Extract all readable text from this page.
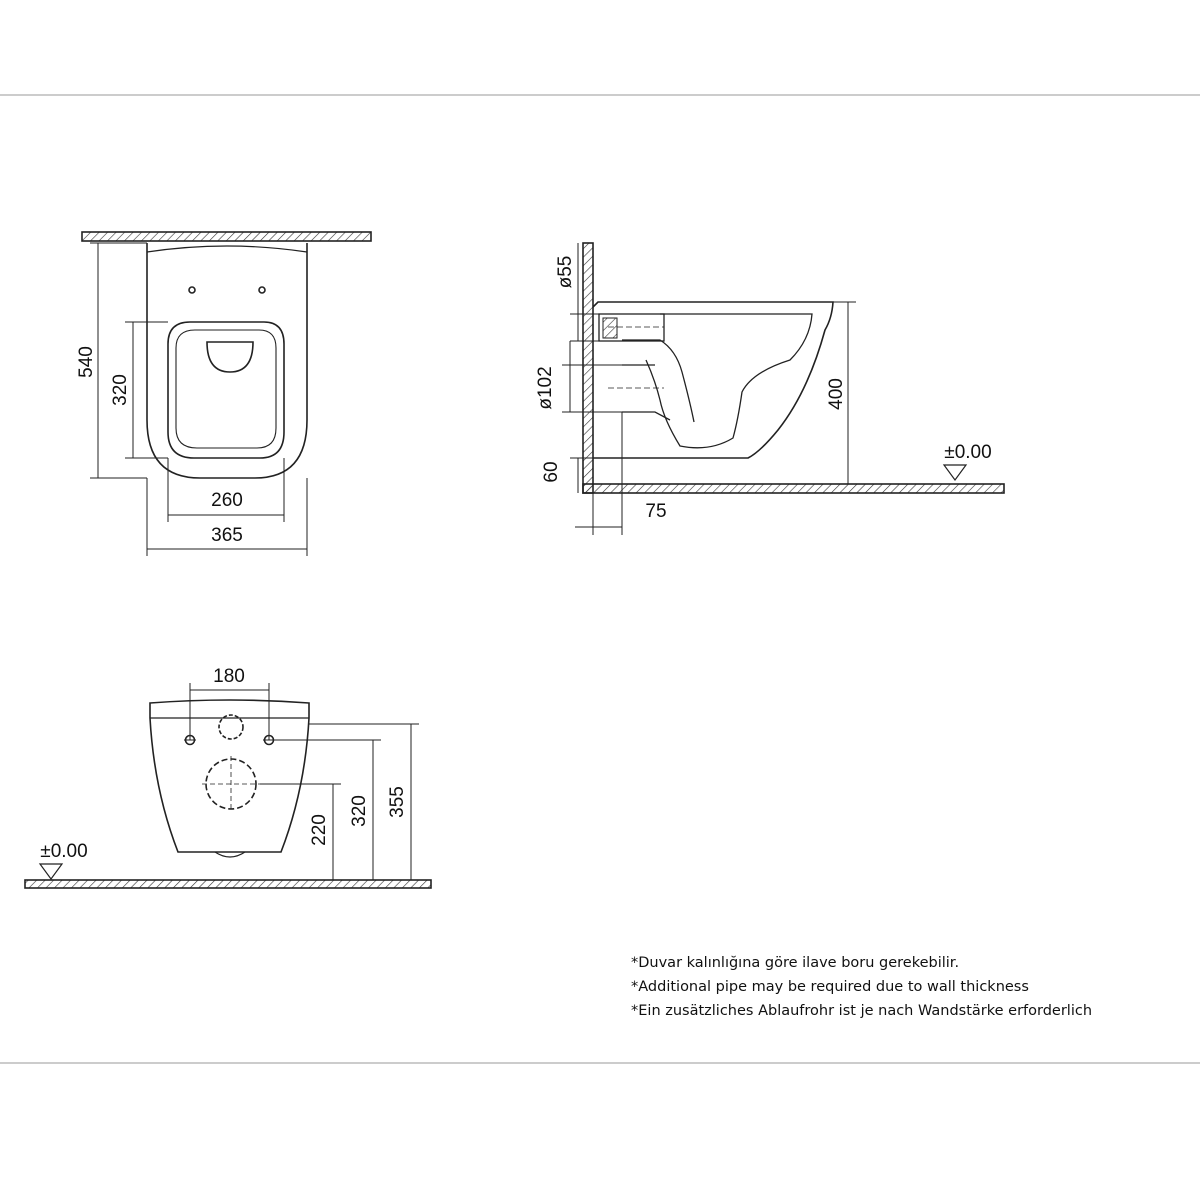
540
320
260
365
ø55
ø102
60
75
400
±0.00
180
220
320 355
±0.00
*Duvar kalınlığına göre ilave boru gerekebilir.
*Additional pipe may be required due to wall thickness
*Ein zusätzliches Ablaufrohr ist je nach Wandstärke erforderlich
